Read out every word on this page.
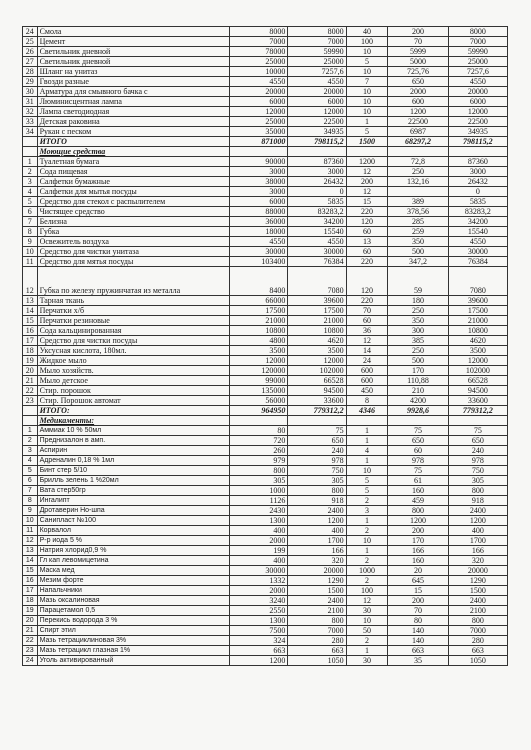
24	Смола	8000	8000	40	200	8000
25	Цемент	7000	7000	100	70	7000
26	Светильник дневной	78000	59990	10	5999	59990
27	Светильник дневной	25000	25000	5	5000	25000
28	Шланг на унитаз	10000	7257,6	10	725,76	7257,6
29	Гвозди разные	4550	4550	7	650	4550
30	Арматура для смывного бачка с	20000	20000	10	2000	20000
31	Люминисцентная лампа	6000	6000	10	600	6000
32	Лампа светодиодная	12000	12000	10	1200	12000
33	Детская раковина	25000	22500	1	22500	22500
34	Рукан с песком	35000	34935	5	6987	34935
	ИТОГО	871000	798115,2	1500	68297,2	798115,2
	Моющие средства					
1	Туалетная бумага	90000	87360	1200	72,8	87360
2	Сода пищевая	3000	3000	12	250	3000
3	Салфетки бумажные	38000	26432	200	132,16	26432
4	Салфетки для мытья посуды	3000	0	12		0
5	Средство для стекол с распылителем	6000	5835	15	389	5835
6	Чистящее средство	88000	83283,2	220	378,56	83283,2
7	Белизна	36000	34200	120	285	34200
8	Губка	18000	15540	60	259	15540
9	Освежитель воздуха	4550	4550	13	350	4550
10	Средство для чистки унитаза	30000	30000	60	500	30000
11	Средство для мятья посуды	103400	76384	220	347,2	76384
12	Губка по железу пружинчатая из металла	8400	7080	120	59	7080
13	Тарная ткань	66000	39600	220	180	39600
14	Перчатки х/б	17500	17500	70	250	17500
15	Перчатки резиновые	21000	21000	60	350	21000
16	Сода кальцинированная	10800	10800	36	300	10800
17	Средство для чистки посуды	4800	4620	12	385	4620
18	Уксусная кислота, 180мл.	3500	3500	14	250	3500
19	Жидкое мыло	12000	12000	24	500	12000
20	Мыло хозяйств.	120000	102000	600	170	102000
21	Мыло детское	99000	66528	600	110,88	66528
22	Стир. порошок	135000	94500	450	210	94500
23	Стир. Порошок автомат	56000	33600	8	4200	33600
	ИТОГО:	964950	779312,2	4346	9928,6	779312,2
	Медикаменты:					
1	Аммиак 10 % 50мл	80	75	1	75	75
2	Преднизалон в амп.	720	650	1	650	650
3	Аспирин	260	240	4	60	240
4	Адреналин 0,18 % 1мл	979	978	1	978	978
5	Бинт стер 5/10	800	750	10	75	750
6	Брилль зелень 1 %20мл	305	305	5	61	305
7	Вата стер50гр	1000	800	5	160	800
8	Ингалипт	1126	918	2	459	918
9	Дротаверин Но-шпа	2430	2400	3	800	2400
10	Санипласт №100	1300	1200	1	1200	1200
11	Корвалол	400	400	2	200	400
12	Р-р иода 5 %	2000	1700	10	170	1700
13	Натрия хлорид0,9 %	199	166	1	166	166
14	Гл кап левомицетина	400	320	2	160	320
15	Маска мед	30000	20000	1000	20	20000
16	Мезим форте	1332	1290	2	645	1290
17	Напальчники	2000	1500	100	15	1500
18	Мазь оксалиновая	3240	2400	12	200	2400
19	Парацетамол 0,5	2550	2100	30	70	2100
20	Перекись водорода 3 %	1300	800	10	80	800
21	Спирт этил	7500	7000	50	140	7000
22	Мазь тетрациклиновая 3%	324	280	2	140	280
23	Мазь тетрацикл глазная 1%	663	663	1	663	663
24	Уголь активированный	1200	1050	30	35	1050
